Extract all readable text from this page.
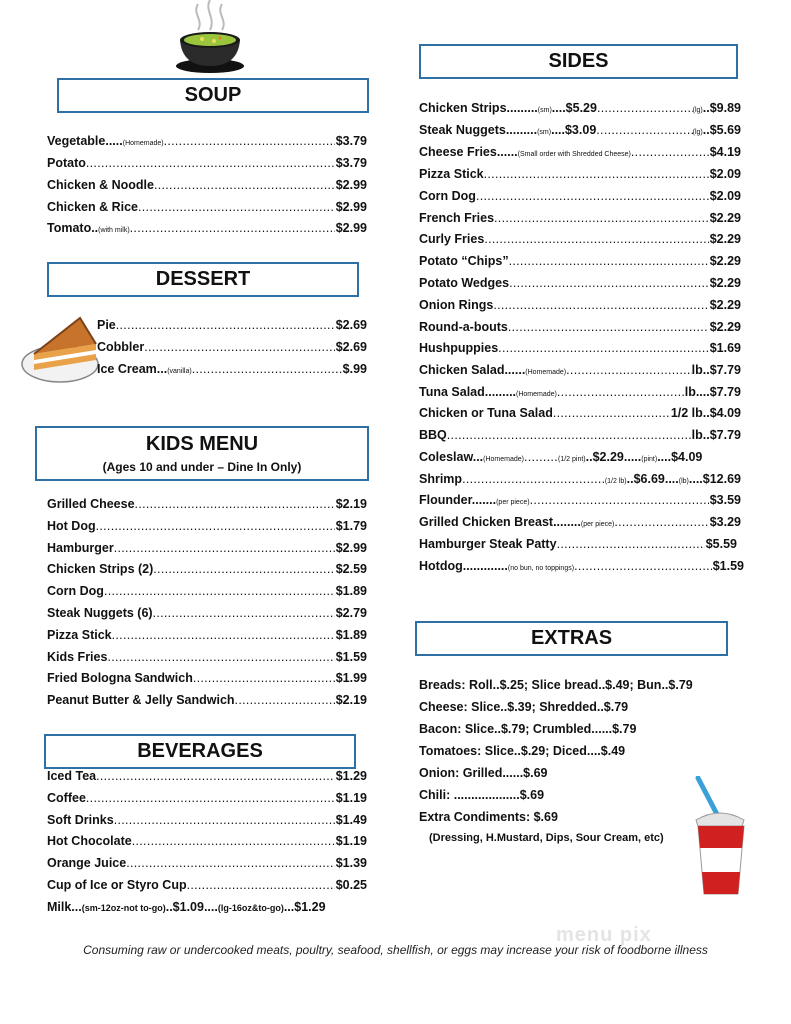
SOUP
Vegetable..... (Homemade) .....	$3.79
Potato .....	$3.79
Chicken & Noodle .....	$2.99
Chicken & Rice .....	$2.99
Tomato.. (with milk) .....	$2.99
DESSERT
Pie .....	$2.69
Cobbler .....	$2.69
Ice Cream... (vanilla) .....	$.99
KIDS MENU
(Ages 10 and under – Dine In Only)
Grilled Cheese .....	$2.19
Hot Dog .....	$1.79
Hamburger .....	$2.99
Chicken Strips (2) .....	$2.59
Corn Dog .....	$1.89
Steak Nuggets (6) .....	$2.79
Pizza Stick .....	$1.89
Kids Fries .....	$1.59
Fried Bologna Sandwich .....	$1.99
Peanut Butter & Jelly Sandwich .....	$2.19
BEVERAGES
Iced Tea .....	$1.29
Coffee .....	$1.19
Soft Drinks .....	$1.49
Hot Chocolate .....	$1.19
Orange Juice .....	$1.39
Cup of Ice or Styro Cup .....	$0.25
Milk... (sm-12oz-not to-go) ..$1.09.... (lg-16oz&to-go) ...$1.29
SIDES
Chicken Strips......... (sm) ....$5.29 .....	(lg) ..$9.89
Steak Nuggets......... (sm) ....$3.09 .....	(lg) ..$5.69
Cheese Fries...... (Small order with Shredded Cheese) .....	$4.19
Pizza Stick .....	$2.09
Corn Dog .....	$2.09
French Fries .....	$2.29
Curly Fries .....	$2.29
Potato “Chips” .....	$2.29
Potato Wedges .....	$2.29
Onion Rings .....	$2.29
Round-a-bouts .....	$2.29
Hushpuppies .....	$1.69
Chicken Salad...... (Homemade) .....	lb.. $7.79
Tuna Salad......... (Homemade) .....	lb.... $7.79
Chicken or Tuna Salad .....	1/2 lb.. $4.09
BBQ .....	lb.. $7.79
Coleslaw... (Homemade) .....	(1/2 pint) ..$2.29..... (pint) ....$4.09
Shrimp .....	(1/2 lb) ..$6.69.... (lb) ....$12.69
Flounder....... (per piece) .....	$3.59
Grilled Chicken Breast........ (per piece) .....	$3.29
Hamburger Steak Patty .....	$5.59
Hotdog............. (no bun, no toppings) .....	$1.59
EXTRAS
Breads: Roll..$.25; Slice bread..$.49; Bun..$.79
Cheese: Slice..$.39; Shredded..$.79
Bacon: Slice..$.79; Crumbled......$.79
Tomatoes: Slice..$.29; Diced....$.49
Onion: Grilled......$.69
Chili: ...................$.69
Extra Condiments: $.69
(Dressing, H.Mustard, Dips, Sour Cream, etc)
menu pix
Consuming raw or undercooked meats, poultry, seafood, shellfish, or eggs may increase your risk of foodborne illness
